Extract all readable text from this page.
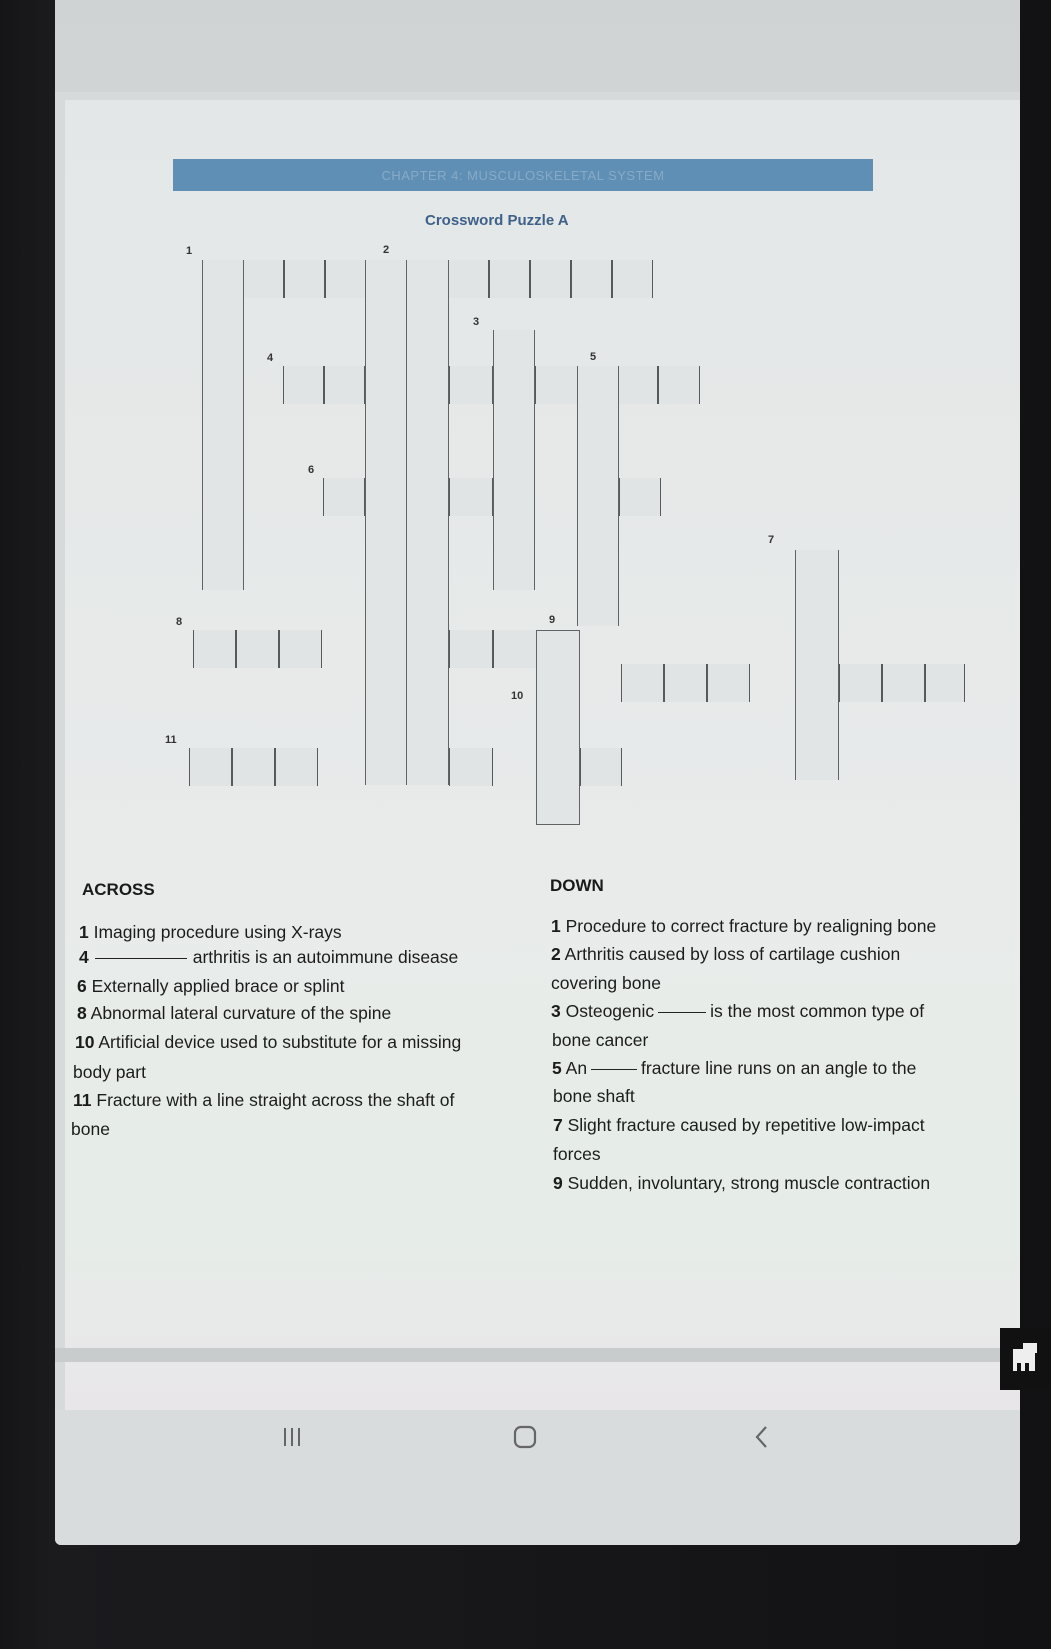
CHAPTER 4: MUSCULOSKELETAL SYSTEM
Crossword Puzzle A
1	2
3
4	5
6
7
8	9
10
11
ACROSS
1 Imaging procedure using X-rays
4	arthritis is an autoimmune disease
6 Externally applied brace or splint
8 Abnormal lateral curvature of the spine
10 Artificial device used to substitute for a missing
body part
11 Fracture with a line straight across the shaft of
bone
DOWN
1 Procedure to correct fracture by realigning bone
2 Arthritis caused by loss of cartilage cushion
covering bone
3 Osteogenic	is the most common type of
bone cancer
5 An	fracture line runs on an angle to the
bone shaft
7 Slight fracture caused by repetitive low-impact
forces
9 Sudden, involuntary, strong muscle contraction
